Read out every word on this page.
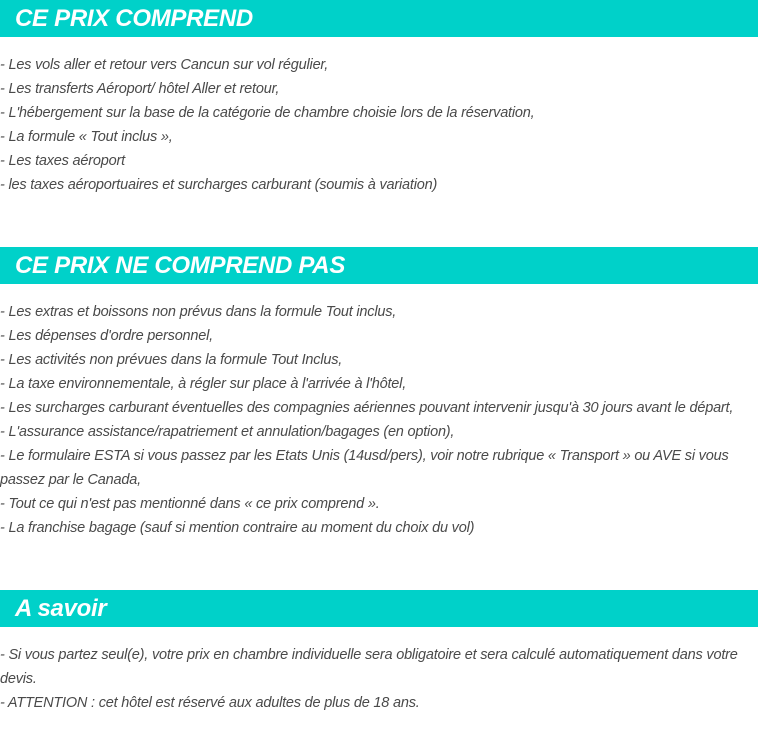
CE PRIX COMPREND
- Les vols aller et retour vers Cancun sur vol régulier,
- Les transferts Aéroport/ hôtel Aller et retour,
- L'hébergement sur la base de la catégorie de chambre choisie lors de la réservation,
- La formule « Tout inclus »,
- Les taxes aéroport
- les taxes aéroportuaires et surcharges carburant (soumis à variation)
CE PRIX NE COMPREND PAS
- Les extras et boissons non prévus dans la formule Tout inclus,
- Les dépenses d'ordre personnel,
- Les activités non prévues dans la formule Tout Inclus,
- La taxe environnementale, à régler sur place à l'arrivée à l'hôtel,
- Les surcharges carburant éventuelles des compagnies aériennes pouvant intervenir jusqu'à 30 jours avant le départ,
- L'assurance assistance/rapatriement et annulation/bagages (en option),
- Le formulaire ESTA si vous passez par les Etats Unis (14usd/pers), voir notre rubrique « Transport » ou AVE si vous passez par le Canada,
- Tout ce qui n'est pas mentionné dans « ce prix comprend ».
- La franchise bagage (sauf si mention contraire au moment du choix du vol)
A savoir
- Si vous partez seul(e), votre prix en chambre individuelle sera obligatoire et sera calculé automatiquement dans votre devis.
- ATTENTION : cet hôtel est réservé aux adultes de plus de 18 ans.
